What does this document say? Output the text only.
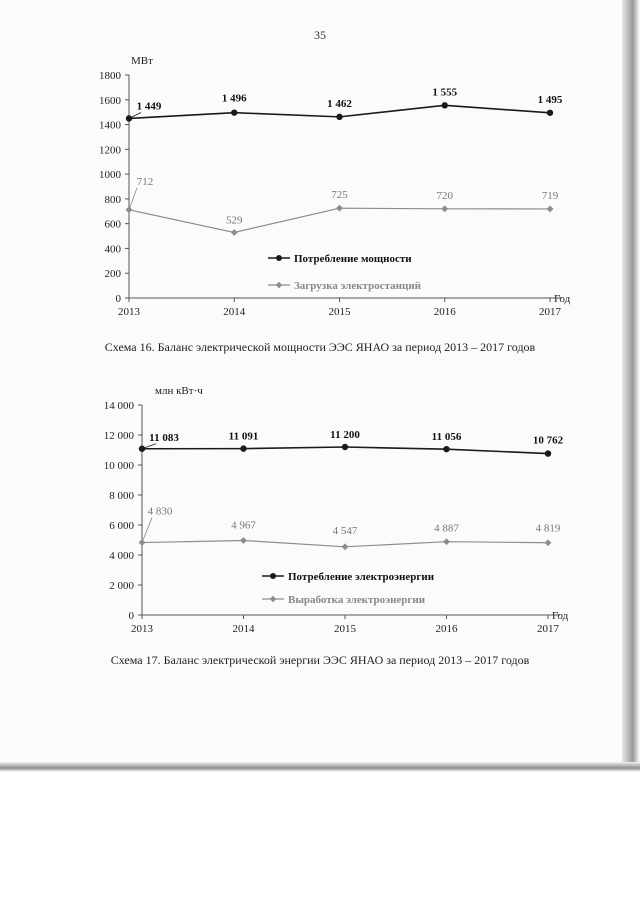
35
0
200
400
600
800
1000
1200
1400
1600
1800
2013	2014	2015	2016	2017
МВт
Год
1 449
1 496	1 462
1 555
1 495
712
529
725	720	719
Потребление мощности
Загрузка электростанций
Схема 16. Баланс электрической мощности ЭЭС ЯНАО за период 2013 – 2017 годов
0
2 000
4 000
6 000
8 000
10 000
12 000
14 000
2013	2014	2015	2016	2017
млн кВт·ч
Год
11 083	11 091	11 200	11 056	10 762
4 830
4 967	4 547	4 887	4 819
Потребление электроэнергии
Выработка электроэнергии
Схема 17. Баланс электрической энергии ЭЭС ЯНАО за период 2013 – 2017 годов
